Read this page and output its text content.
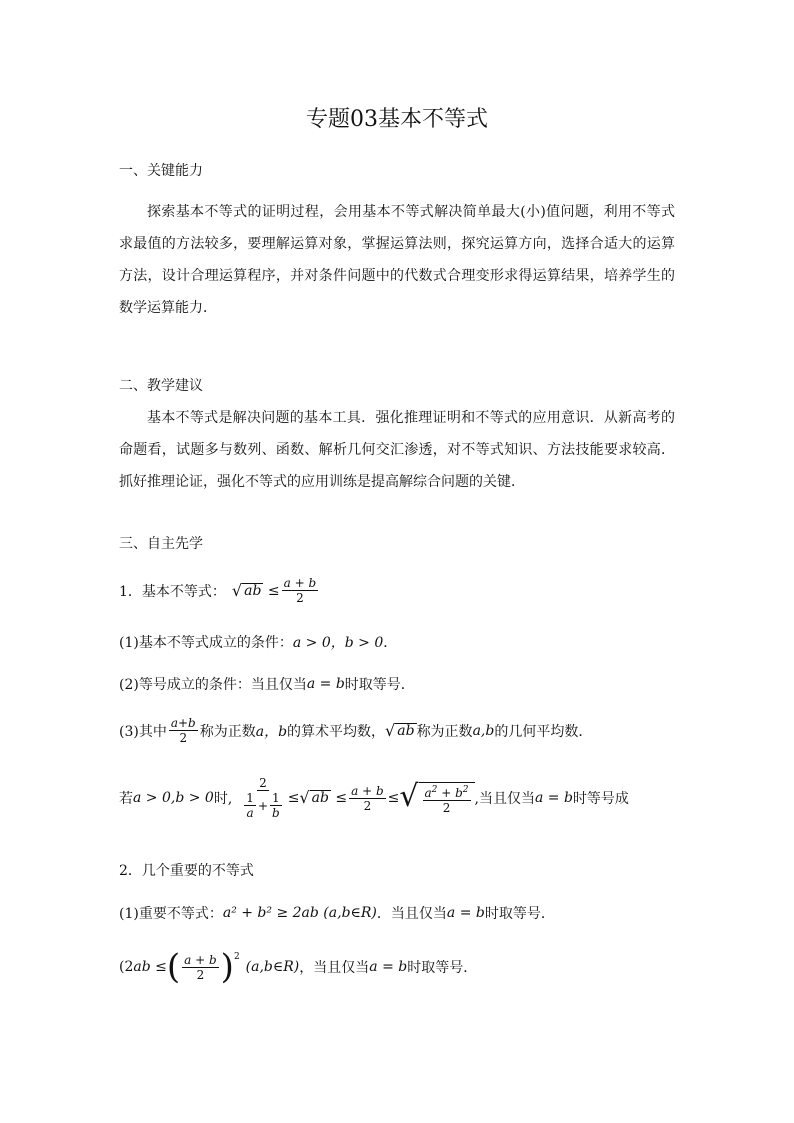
专题03基本不等式
一、关键能力
探索基本不等式的证明过程，会用基本不等式解决简单最大(小)值问题，利用不等式求最值的方法较多，要理解运算对象，掌握运算法则，探究运算方向，选择合适大的运算方法，设计合理运算程序，并对条件问题中的代数式合理变形求得运算结果，培养学生的数学运算能力．
二、教学建议
基本不等式是解决问题的基本工具．强化推理证明和不等式的应用意识．从新高考的命题看，试题多与数列、函数、解析几何交汇渗透，对不等式知识、方法技能要求较高．抓好推理论证，强化不等式的应用训练是提高解综合问题的关键．
三、自主先学
1．基本不等式： √ ab ≤ $\frac{a + b}{2}$
(1)基本不等式成立的条件： a > 0，b > 0 ．
(2)等号成立的条件：当且仅当 a = b 时取等号．
(3)其中 $\frac{a+b}{2}$ 称为正数 a，b 的算术平均数， √ ab 称为正数 a,b 的几何平均数．
若 a > 0,b > 0 时, $\frac{2}{\frac{1}{a} + \frac{1}{b}}$ ≤ √ ab ≤ $\frac{a + b}{2}$ ≤ √ $\frac{a^2 + b^2}{2}$ ,当且仅当 a = b 时等号成
2．几个重要的不等式
(1)重要不等式： a² + b² ≥ 2ab (a,b∈R) ．当且仅当 a = b 时取等号．
(2 ab ≤ ( $\frac{a + b}{2} )^2$
(a,b∈R) ，当且仅当 a = b 时取等号．
